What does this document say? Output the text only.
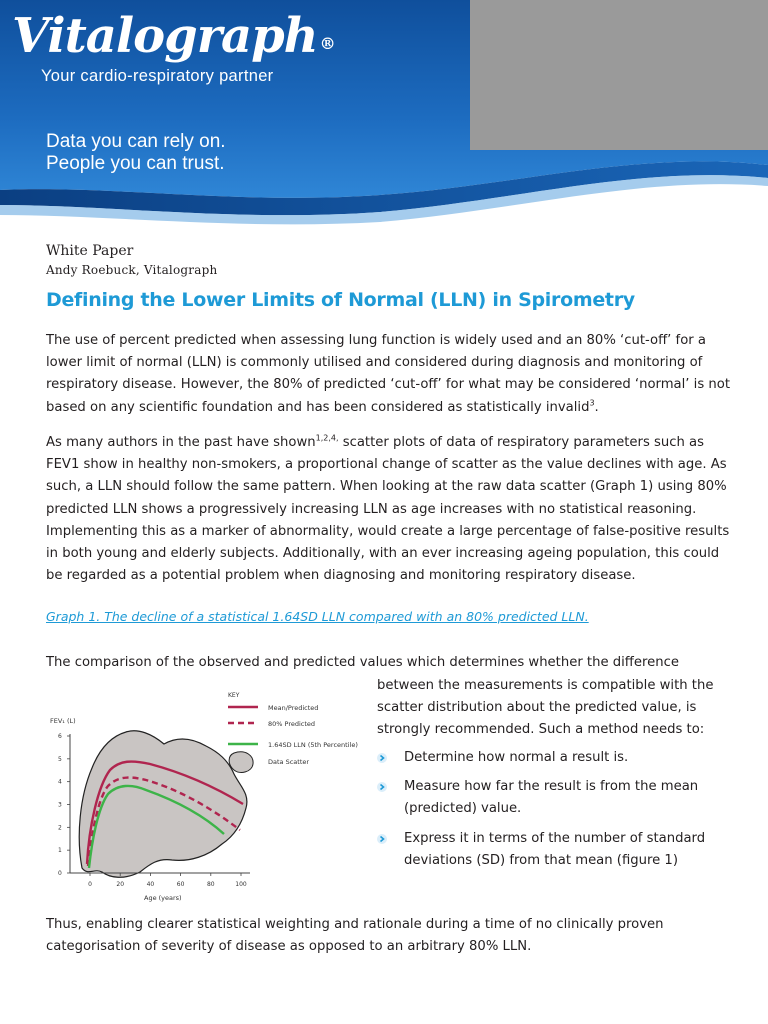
Vitalograph ®
Your cardio-respiratory partner
Data you can rely on.
People you can trust.
White Paper
Andy Roebuck, Vitalograph
Defining the Lower Limits of Normal (LLN) in Spirometry
The use of percent predicted when assessing lung function is widely used and an 80% ‘cut-off’ for a lower limit of normal (LLN) is commonly utilised and considered during diagnosis and monitoring of respiratory disease. However, the 80% of predicted ‘cut-off’ for what may be considered ‘normal’ is not based on any scientific foundation and has been considered as statistically invalid$^3$.
As many authors in the past have shown$^{1,2,4,}$ scatter plots of data of respiratory parameters such as FEV1 show in healthy non-smokers, a proportional change of scatter as the value declines with age. As such, a LLN should follow the same pattern. When looking at the raw data scatter (Graph 1) using 80% predicted LLN shows a progressively increasing LLN as age increases with no statistical reasoning. Implementing this as a marker of abnormality, would create a large percentage of false-positive results in both young and elderly subjects. Additionally, with an ever increasing ageing population, this could be regarded as a potential problem when diagnosing and monitoring respiratory disease.
Graph 1. The decline of a statistical 1.64SD LLN compared with an 80% predicted LLN.
The comparison of the observed and predicted values which determines whether the difference
KEY
Mean/Predicted
80% Predicted
1.64SD LLN (5th Percentile)
Data Scatter
FEV₁ (L)
6
5
4
3
2
1
0
0	20	40	60	80	100
Age (years)
between the measurements is compatible with the scatter distribution about the predicted value, is strongly recommended. Such a method needs to:
Determine how normal a result is.
Measure how far the result is from the mean (predicted) value.
Express it in terms of the number of standard deviations (SD) from that mean (figure 1)
Thus, enabling clearer statistical weighting and rationale during a time of no clinically proven categorisation of severity of disease as opposed to an arbitrary 80% LLN.
